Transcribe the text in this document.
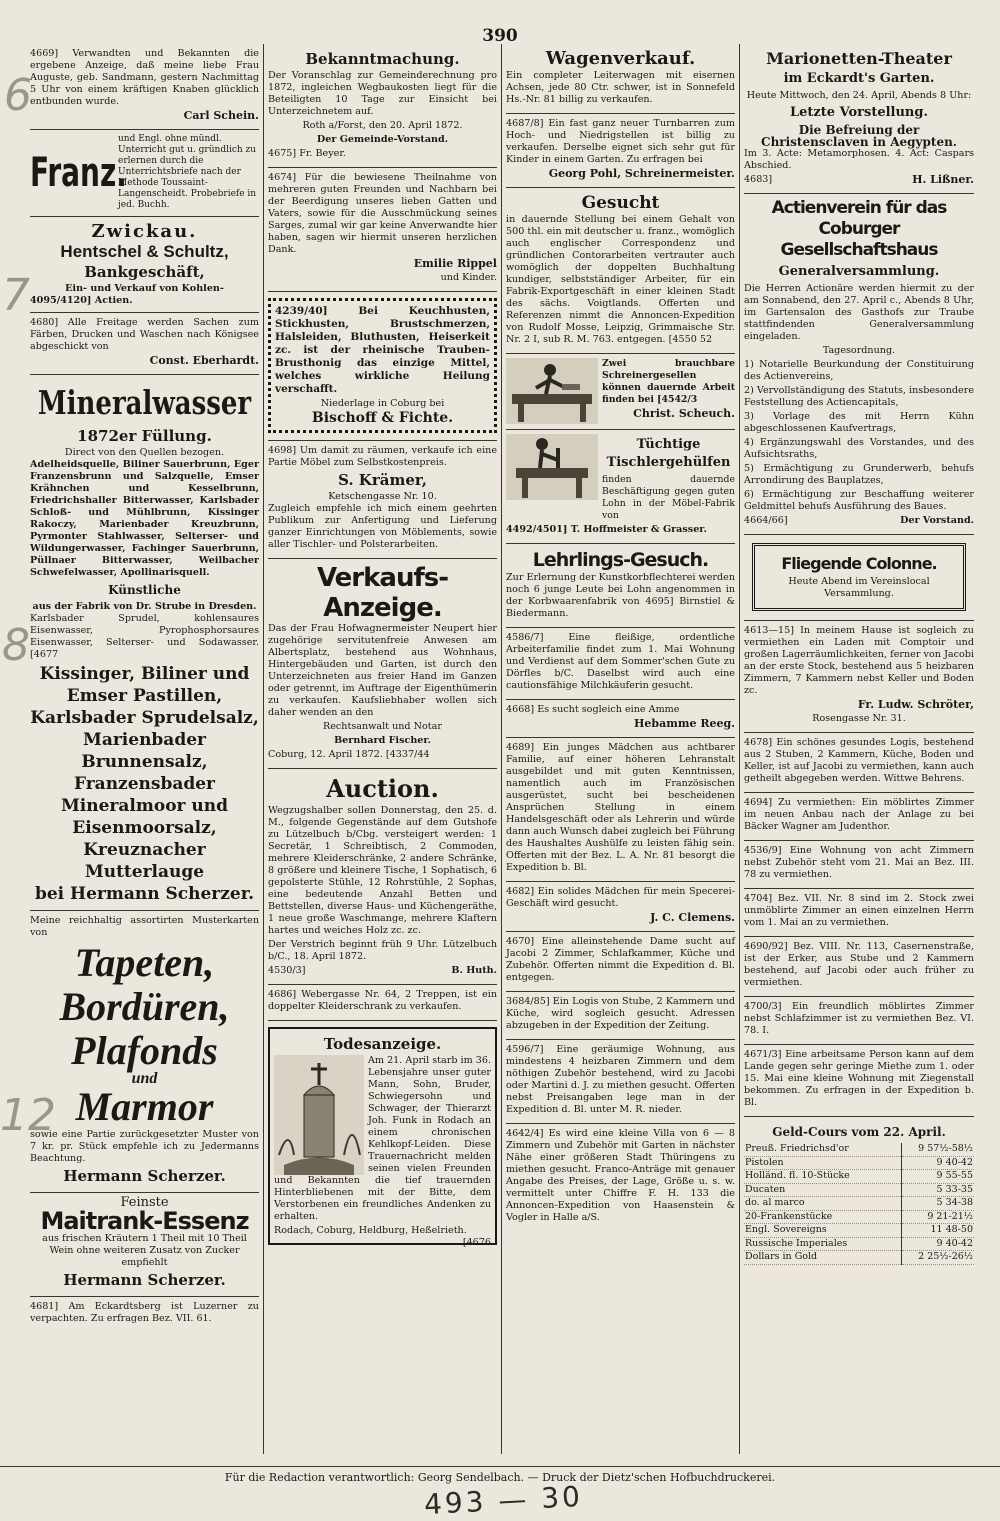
390

4669] Verwandten und Bekannten die ergebene Anzeige, daß meine liebe Frau Auguste, geb. Sandmann, gestern Nachmittag 5 Uhr von einem kräftigen Knaben glücklich entbunden wurde.

Carl Schein.

Franz.
und Engl. ohne mündl. Unterricht gut u. gründlich zu erlernen durch die Unterrichtsbriefe nach der Methode Toussaint-Langenscheidt. Probebriefe in jed. Buchh.
Zwickau.
Hentschel & Schultz,
Bankgeschäft,
Ein- und Verkauf von Kohlen-
4095/4120] Actien.

4680] Alle Freitage werden Sachen zum Färben, Drucken und Waschen nach Königsee abgeschickt von

Const. Eberhardt.

Mineralwasser
1872er Füllung.
Direct von den Quellen bezogen.

Adelheidsquelle, Biliner Sauerbrunn, Eger Franzensbrunn und Salzquelle, Emser Krähnchen und Kesselbrunn, Friedrichshaller Bitterwasser, Karlsbader Schloß- und Mühlbrunn, Kissinger Rakoczy, Marienbader Kreuzbrunn, Pyrmonter Stahlwasser, Selterser- und Wildungerwasser, Fachinger Sauerbrunn, Püllnaer Bitterwasser, Weilbacher Schwefelwasser, Apollinarisquell.

Künstliche
aus der Fabrik von Dr. Strube in Dresden.

Karlsbader Sprudel, kohlensaures Eisenwasser, Pyrophosphorsaures Eisenwasser, Selterser- und Sodawasser. [4677

Kissinger, Biliner und Emser Pastillen, Karlsbader Sprudelsalz, Marienbader Brunnensalz, Franzensbader Mineralmoor und Eisenmoorsalz, Kreuznacher Mutterlauge
bei Hermann Scherzer.

Meine reichhaltig assortirten Musterkarten von

Tapeten,
Bordüren,
Plafonds
und
Marmor

sowie eine Partie zurückgesetzter Muster von 7 kr. pr. Stück empfehle ich zu Jedermanns Beachtung.

Hermann Scherzer.
Feinste
Maitrank-Essenz

aus frischen Kräutern 1 Theil mit 10 Theil Wein ohne weiteren Zusatz von Zucker empfiehlt

Hermann Scherzer.

4681] Am Eckardtsberg ist Luzerner zu verpachten. Zu erfragen Bez. VII. 61.

Bekanntmachung.

Der Voranschlag zur Gemeinderechnung pro 1872, ingleichen Wegbaukosten liegt für die Beteiligten 10 Tage zur Einsicht bei Unterzeichnetem auf.

Roth a/Forst, den 20. April 1872.

Der Gemeinde-Vorstand.

4675] Fr. Beyer.

4674] Für die bewiesene Theilnahme von mehreren guten Freunden und Nachbarn bei der Beerdigung unseres lieben Gatten und Vaters, sowie für die Ausschmückung seines Sarges, zumal wir gar keine Anverwandte hier haben, sagen wir hiermit unseren herzlichen Dank.

Emilie Rippel

und Kinder.

4239/40] Bei Keuchhusten, Stickhusten, Brustschmerzen, Halsleiden, Bluthusten, Heiserkeit zc. ist der rheinische Trauben-Brusthonig das einzige Mittel, welches wirkliche Heilung verschafft.

Niederlage in Coburg bei

Bischoff & Fichte.

4698] Um damit zu räumen, verkaufe ich eine Partie Möbel zum Selbstkostenpreis.

S. Krämer,
Ketschengasse Nr. 10.

Zugleich empfehle ich mich einem geehrten Publikum zur Anfertigung und Lieferung ganzer Einrichtungen von Möblements, sowie aller Tischler- und Polsterarbeiten.

Verkaufs-Anzeige.

Das der Frau Hofwagnermeister Neupert hier zugehörige servitutenfreie Anwesen am Albertsplatz, bestehend aus Wohnhaus, Hintergebäuden und Garten, ist durch den Unterzeichneten aus freier Hand im Ganzen oder getrennt, im Auftrage der Eigenthümerin zu verkaufen. Kaufsliebhaber wollen sich daher wenden an den

Rechtsanwalt und Notar

Bernhard Fischer.

Coburg, 12. April 1872. [4337/44

Auction.

Wegzugshalber sollen Donnerstag, den 25. d. M., folgende Gegenstände auf dem Gutshofe zu Lützelbuch b/Cbg. versteigert werden: 1 Secretär, 1 Schreibtisch, 2 Commoden, mehrere Kleiderschränke, 2 andere Schränke, 8 größere und kleinere Tische, 1 Sophatisch, 6 gepolsterte Stühle, 12 Rohrstühle, 2 Sophas, eine bedeutende Anzahl Betten und Bettstellen, diverse Haus- und Küchengeräthe, 1 neue große Waschmange, mehrere Klaftern hartes und weiches Holz zc. zc.

Der Verstrich beginnt früh 9 Uhr. Lützelbuch b/C., 18. April 1872.

4530/3]	B. Huth.

4686] Webergasse Nr. 64, 2 Treppen, ist ein doppelter Kleiderschrank zu verkaufen.

Todesanzeige.

Am 21. April starb im 36. Lebensjahre unser guter Mann, Sohn, Bruder, Schwiegersohn und Schwager, der Thierarzt Joh. Funk in Rodach an einem chronischen Kehlkopf-Leiden. Diese Trauernachricht melden seinen vielen Freunden und Bekannten die tief trauernden Hinterbliebenen mit der Bitte, dem Verstorbenen ein freundliches Andenken zu erhalten.

Rodach, Coburg, Heldburg, Heßelrieth.
[4676

Wagenverkauf.

Ein completer Leiterwagen mit eisernen Achsen, jede 80 Ctr. schwer, ist in Sonnefeld Hs.-Nr. 81 billig zu verkaufen.

4687/8] Ein fast ganz neuer Turnbarren zum Hoch- und Niedrigstellen ist billig zu verkaufen. Derselbe eignet sich sehr gut für Kinder in einem Garten. Zu erfragen bei

Georg Pohl, Schreinermeister.

Gesucht

in dauernde Stellung bei einem Gehalt von 500 thl. ein mit deutscher u. franz., womöglich auch englischer Correspondenz und gründlichen Contorarbeiten vertrauter auch womöglich der doppelten Buchhaltung kundiger, selbstständiger Arbeiter, für ein Fabrik-Exportgeschäft in einer kleinen Stadt des sächs. Voigtlands. Offerten und Referenzen nimmt die Annoncen-Expedition von Rudolf Mosse, Leipzig, Grimmaische Str. Nr. 2 I, sub R. M. 763. entgegen. [4550 52

Zwei brauchbare Schreinergesellen können dauernde Arbeit finden bei [4542/3

Christ. Scheuch.

Tüchtige Tischlergehülfen

finden dauernde Beschäftigung gegen guten Lohn in der Möbel-Fabrik von

4492/4501] T. Hoffmeister & Grasser.

Lehrlings-Gesuch.

Zur Erlernung der Kunstkorbflechterei werden noch 6 junge Leute bei Lohn angenommen in der Korbwaarenfabrik von 4695] Birnstiel & Biedermann.

4586/7] Eine fleißige, ordentliche Arbeiterfamilie findet zum 1. Mai Wohnung und Verdienst auf dem Sommer'schen Gute zu Dörfles b/C. Daselbst wird auch eine cautionsfähige Milchkäuferin gesucht.

4668] Es sucht sogleich eine Amme

Hebamme Reeg.

4689] Ein junges Mädchen aus achtbarer Familie, auf einer höheren Lehranstalt ausgebildet und mit guten Kenntnissen, namentlich auch im Französischen ausgerüstet, sucht bei bescheidenen Ansprüchen Stellung in einem Handelsgeschäft oder als Lehrerin und würde dann auch Wunsch dabei zugleich bei Führung des Haushaltes Aushülfe zu leisten fähig sein. Offerten mit der Bez. L. A. Nr. 81 besorgt die Expedition b. Bl.

4682] Ein solides Mädchen für mein Specerei-Geschäft wird gesucht.

J. C. Clemens.

4670] Eine alleinstehende Dame sucht auf Jacobi 2 Zimmer, Schlafkammer, Küche und Zubehör. Offerten nimmt die Expedition d. Bl. entgegen.

3684/85] Ein Logis von Stube, 2 Kammern und Küche, wird sogleich gesucht. Adressen abzugeben in der Expedition der Zeitung.

4596/7] Eine geräumige Wohnung, aus mindestens 4 heizbaren Zimmern und dem nöthigen Zubehör bestehend, wird zu Jacobi oder Martini d. J. zu miethen gesucht. Offerten nebst Preisangaben lege man in der Expedition d. Bl. unter M. R. nieder.

4642/4] Es wird eine kleine Villa von 6 — 8 Zimmern und Zubehör mit Garten in nächster Nähe einer größeren Stadt Thüringens zu miethen gesucht. Franco-Anträge mit genauer Angabe des Preises, der Lage, Größe u. s. w. vermittelt unter Chiffre F. H. 133 die Annoncen-Expedition von Haasenstein & Vogler in Halle a/S.

Marionetten-Theater
im Eckardt's Garten.

Heute Mittwoch, den 24. April, Abends 8 Uhr:

Letzte Vorstellung.
Die Befreiung der Christensclaven in Aegypten.

Im 3. Acte: Metamorphosen. 4. Act: Caspars Abschied.

4683]	H. Lißner.

Actienverein für das Coburger Gesellschaftshaus
Generalversammlung.

Die Herren Actionäre werden hiermit zu der am Sonnabend, den 27. April c., Abends 8 Uhr, im Gartensalon des Gasthofs zur Traube stattfindenden Generalversammlung eingeladen.

Tagesordnung.

1) Notarielle Beurkundung der Constituirung des Actienvereins,

2) Vervollständigung des Statuts, insbesondere Feststellung des Actiencapitals,

3) Vorlage des mit Herrn Kühn abgeschlossenen Kaufvertrags,

4) Ergänzungswahl des Vorstandes, und des Aufsichtsraths,

5) Ermächtigung zu Grunderwerb, behufs Arrondirung des Bauplatzes,

6) Ermächtigung zur Beschaffung weiterer Geldmittel behufs Ausführung des Baues.

4664/66]	Der Vorstand.

Fliegende Colonne.

Heute Abend im Vereinslocal Versammlung.

4613—15] In meinem Hause ist sogleich zu vermiethen ein Laden mit Comptoir und großen Lagerräumlichkeiten, ferner von Jacobi an der erste Stock, bestehend aus 5 heizbaren Zimmern, 7 Kammern nebst Keller und Boden zc.

Fr. Ludw. Schröter,

Rosengasse Nr. 31.

4678] Ein schönes gesundes Logis, bestehend aus 2 Stuben, 2 Kammern, Küche, Boden und Keller, ist auf Jacobi zu vermiethen, kann auch getheilt abgegeben werden. Wittwe Behrens.

4694] Zu vermiethen: Ein möblirtes Zimmer im neuen Anbau nach der Anlage zu bei Bäcker Wagner am Judenthor.

4536/9] Eine Wohnung von acht Zimmern nebst Zubehör steht vom 21. Mai an Bez. III. 78 zu vermiethen.

4704] Bez. VII. Nr. 8 sind im 2. Stock zwei unmöblirte Zimmer an einen einzelnen Herrn vom 1. Mai an zu vermiethen.

4690/92] Bez. VIII. Nr. 113, Casernenstraße, ist der Erker, aus Stube und 2 Kammern bestehend, auf Jacobi oder auch früher zu vermiethen.

4700/3] Ein freundlich möblirtes Zimmer nebst Schlafzimmer ist zu vermiethen Bez. VI. 78. I.

4671/3] Eine arbeitsame Person kann auf dem Lande gegen sehr geringe Miethe zum 1. oder 15. Mai eine kleine Wohnung mit Ziegenstall bekommen. Zu erfragen in der Expedition b. Bl.

Geld-Cours vom 22. April.
Preuß. Friedrichsd'or	9 57½-58½
Pistolen	9 40-42
Holländ. fl. 10-Stücke	9 55-55
Ducaten	5 33-35
do. al marco	5 34-38
20-Frankenstücke	9 21-21½
Engl. Sovereigns	11 48-50
Russische Imperiales	9 40-42
Dollars in Gold	2 25½-26½
6
7
8
12
Für die Redaction verantwortlich: Georg Sendelbach. — Druck der Dietz'schen Hofbuchdruckerei.
493 — 30
